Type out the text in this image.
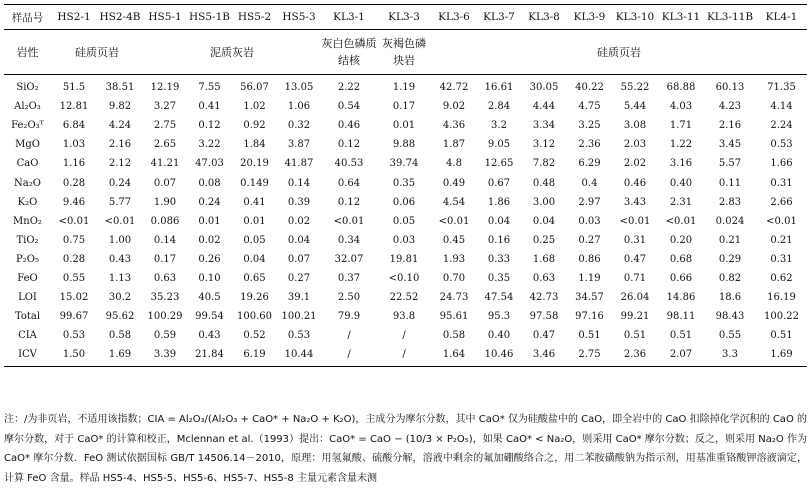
样品号	HS2-1	HS2-4B	HS5-1	HS5-1B	HS5-2	HS5-3	KL3-1	KL3-3	KL3-6	KL3-7	KL3-8	KL3-9	KL3-10	KL3-11	KL3-11B	KL4-1
岩性	硅质页岩		泥质灰岩				灰白色磷质结核	灰褐色磷块岩	硅质页岩							
SiO₂	51.5	38.51	12.19	7.55	56.07	13.05	2.22	1.19	42.72	16.61	30.05	40.22	55.22	68.88	60.13	71.35
Al₂O₃	12.81	9.82	3.27	0.41	1.02	1.06	0.54	0.17	9.02	2.84	4.44	4.75	5.44	4.03	4.23	4.14
Fe₂O₃ᵀ	6.84	4.24	2.75	0.12	0.92	0.32	0.46	0.01	4.36	3.2	3.34	3.25	3.08	1.71	2.16	2.24
MgO	1.03	2.16	2.65	3.22	1.84	3.87	0.12	9.88	1.87	9.05	3.12	2.36	2.03	1.22	3.45	0.53
CaO	1.16	2.12	41.21	47.03	20.19	41.87	40.53	39.74	4.8	12.65	7.82	6.29	2.02	3.16	5.57	1.66
Na₂O	0.28	0.24	0.07	0.08	0.149	0.14	0.64	0.35	0.49	0.67	0.48	0.4	0.46	0.40	0.11	0.31
K₂O	9.46	5.77	1.90	0.24	0.41	0.39	0.12	0.06	4.54	1.86	3.00	2.97	3.43	2.31	2.83	2.66
MnO₂	<0.01	<0.01	0.086	0.01	0.01	0.02	<0.01	0.05	<0.01	0.04	0.04	0.03	<0.01	<0.01	0.024	<0.01
TiO₂	0.75	1.00	0.14	0.02	0.05	0.04	0.34	0.03	0.45	0.16	0.25	0.27	0.31	0.20	0.21	0.21
P₂O₅	0.28	0.43	0.17	0.26	0.04	0.07	32.07	19.81	1.93	0.33	1.68	0.86	0.47	0.68	0.29	0.31
FeO	0.55	1.13	0.63	0.10	0.65	0.27	0.37	<0.10	0.70	0.35	0.63	1.19	0.71	0.66	0.82	0.62
LOI	15.02	30.2	35.23	40.5	19.26	39.1	2.50	22.52	24.73	47.54	42.73	34.57	26.04	14.86	18.6	16.19
Total	99.67	95.62	100.29	99.54	100.60	100.21	79.9	93.8	95.61	95.3	97.58	97.16	99.21	98.11	98.43	100.22
CIA	0.53	0.58	0.59	0.43	0.52	0.53	/	/	0.58	0.40	0.47	0.51	0.51	0.51	0.55	0.51
ICV	1.50	1.69	3.39	21.84	6.19	10.44	/	/	1.64	10.46	3.46	2.75	2.36	2.07	3.3	1.69
注：/为非页岩，不适用该指数；CIA = Al₂O₃/(Al₂O₃ + CaO* + Na₂O + K₂O)，主成分为摩尔分数，其中 CaO* 仅为硅酸盐中的 CaO，即全岩中的 CaO 扣除掉化学沉积的 CaO 的摩尔分数，对于 CaO* 的计算和校正，Mclennan et al.（1993）提出：CaO* = CaO − (10/3 × P₂O₅)，如果 CaO* < Na₂O，则采用 CaO* 摩尔分数；反之，则采用 Na₂O 作为 CaO* 摩尔分数．FeO 测试依据国标 GB/T 14506.14－2010，原理：用氢氟酸、硫酸分解，溶液中剩余的氟加硼酸络合之，用二苯胺磺酸钠为指示剂，用基准重铬酸钾溶液滴定，计算 FeO 含量。样品 HS5-4、HS5-5、HS5-6、HS5-7、HS5-8 主量元素含量未测
